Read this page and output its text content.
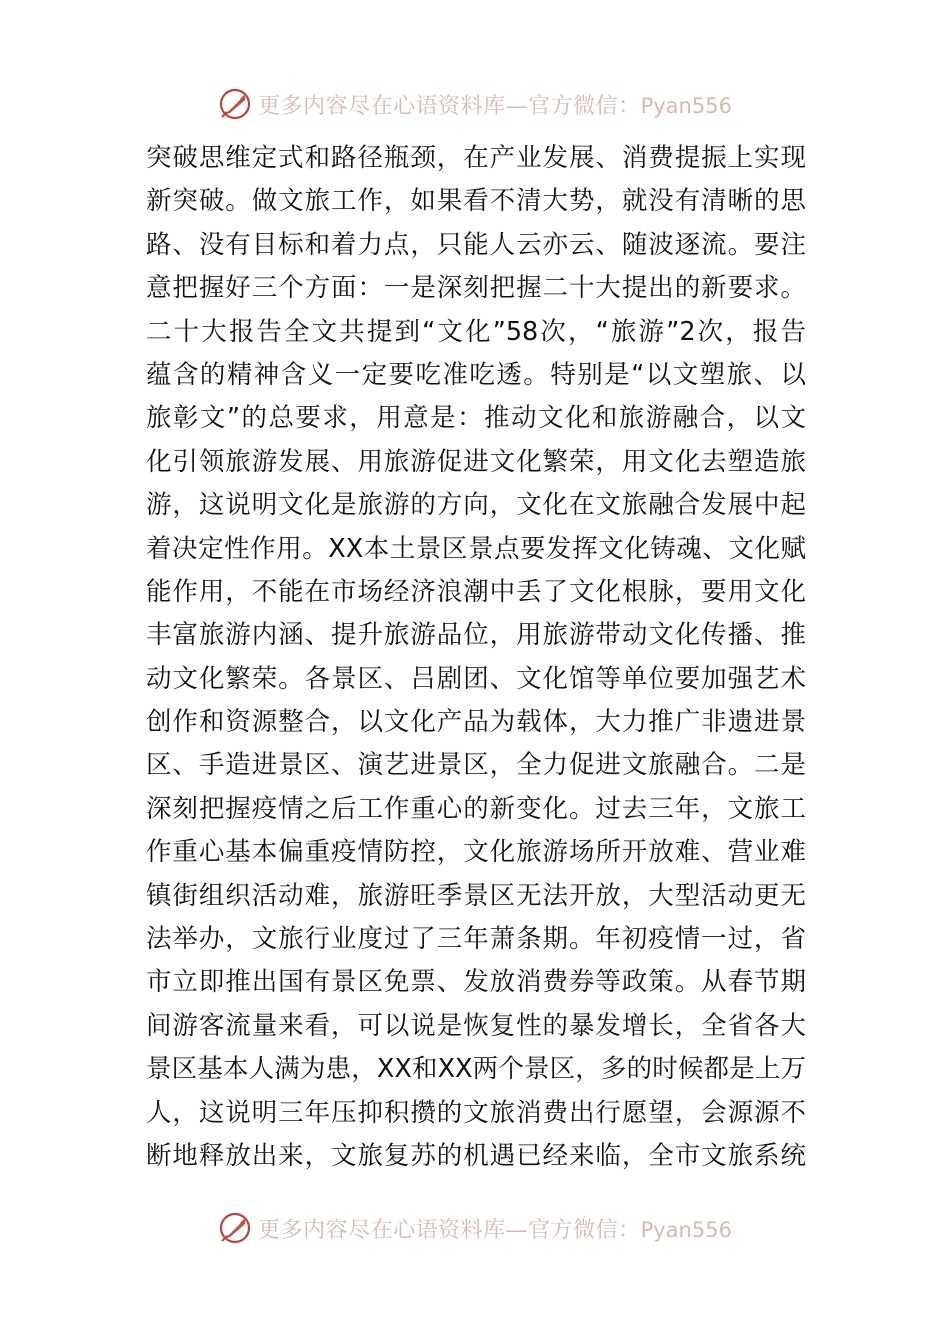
更多内容尽在心语资料库—官方微信：Pyan556
突破思维定式和路径瓶颈，在产业发展、消费提振上实现
新突破。做文旅工作，如果看不清大势，就没有清晰的思
路、没有目标和着力点，只能人云亦云、随波逐流。要注
意把握好三个方面：一是深刻把握二十大提出的新要求。
二十大报告全文共提到“文化”58次，“旅游”2次，报告
蕴含的精神含义一定要吃准吃透。特别是“以文塑旅、以
旅彰文”的总要求，用意是：推动文化和旅游融合，以文
化引领旅游发展、用旅游促进文化繁荣，用文化去塑造旅
游，这说明文化是旅游的方向，文化在文旅融合发展中起
着决定性作用。XX本土景区景点要发挥文化铸魂、文化赋
能作用，不能在市场经济浪潮中丢了文化根脉，要用文化
丰富旅游内涵、提升旅游品位，用旅游带动文化传播、推
动文化繁荣。各景区、吕剧团、文化馆等单位要加强艺术
创作和资源整合，以文化产品为载体，大力推广非遗进景
区、手造进景区、演艺进景区，全力促进文旅融合。二是
深刻把握疫情之后工作重心的新变化。过去三年，文旅工
作重心基本偏重疫情防控，文化旅游场所开放难、营业难
镇街组织活动难，旅游旺季景区无法开放，大型活动更无
法举办，文旅行业度过了三年萧条期。年初疫情一过，省
市立即推出国有景区免票、发放消费券等政策。从春节期
间游客流量来看，可以说是恢复性的暴发增长，全省各大
景区基本人满为患，XX和XX两个景区，多的时候都是上万
人，这说明三年压抑积攒的文旅消费出行愿望，会源源不
断地释放出来，文旅复苏的机遇已经来临，全市文旅系统
更多内容尽在心语资料库—官方微信：Pyan556
